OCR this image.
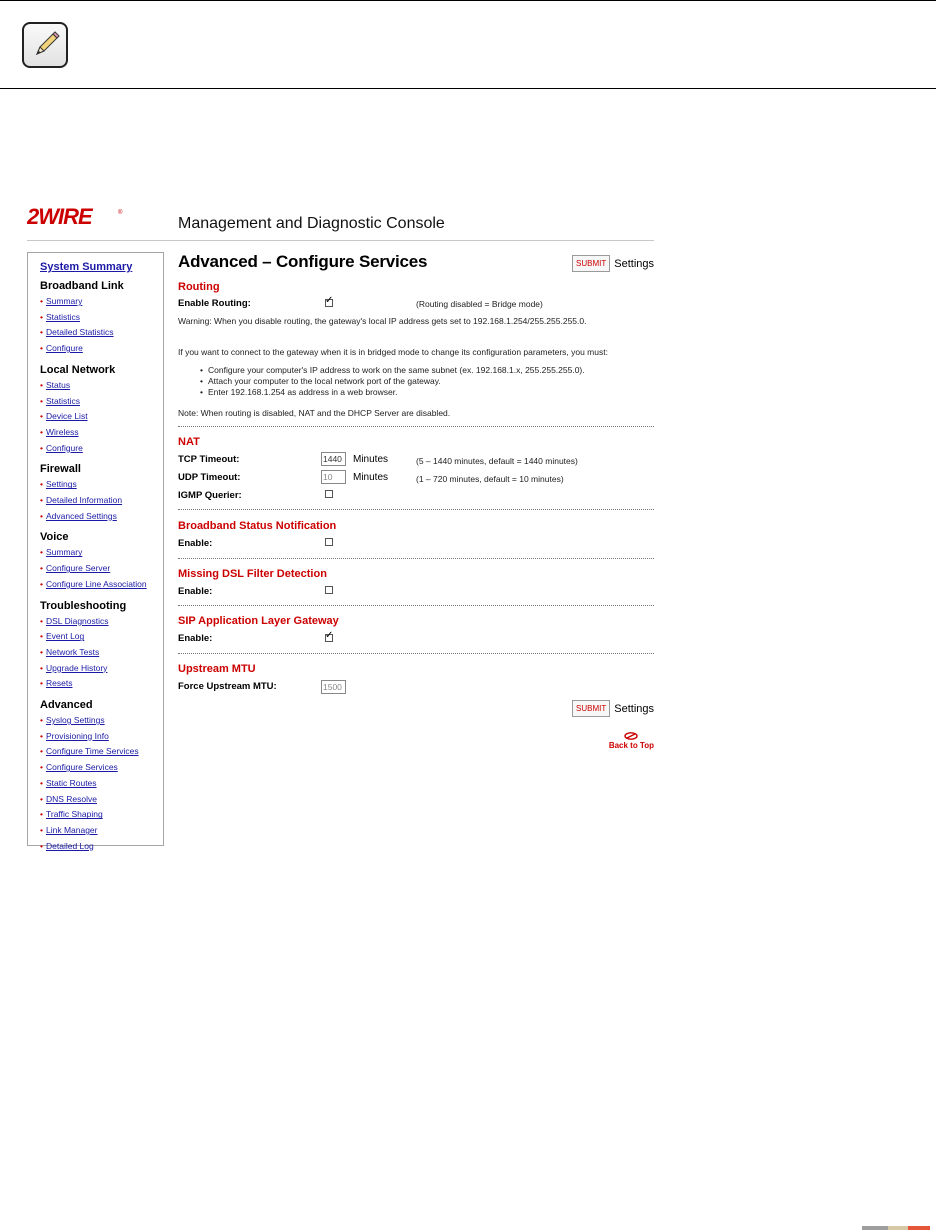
2WIRE	®
Management and Diagnostic Console
System Summary
Broadband Link
• Summary
• Statistics
• Detailed Statistics
• Configure
Local Network
• Status
• Statistics
• Device List
• Wireless
• Configure
Firewall
• Settings
• Detailed Information
• Advanced Settings
Voice
• Summary
• Configure Server
• Configure Line Association
Troubleshooting
• DSL Diagnostics
• Event Log
• Network Tests
• Upgrade History
• Resets
Advanced
• Syslog Settings
• Provisioning Info
• Configure Time Services
• Configure Services
• Static Routes
• DNS Resolve
• Traffic Shaping
• Link Manager
• Detailed Log
Advanced – Configure Services	SUBMIT Settings
Routing
Enable Routing:
✓	(Routing disabled = Bridge mode)
Warning: When you disable routing, the gateway's local IP address gets set to 192.168.1.254/255.255.255.0.
If you want to connect to the gateway when it is in bridged mode to change its configuration parameters, you must:
• Configure your computer's IP address to work on the same subnet (ex. 192.168.1.x, 255.255.255.0).
• Attach your computer to the local network port of the gateway.
• Enter 192.168.1.254 as address in a web browser.
Note: When routing is disabled, NAT and the DHCP Server are disabled.
NAT
TCP Timeout:	1440	Minutes	(5 – 1440 minutes, default = 1440 minutes)
UDP Timeout:	10	Minutes	(1 – 720 minutes, default = 10 minutes)
IGMP Querier:
Broadband Status Notification
Enable:
Missing DSL Filter Detection
Enable:
SIP Application Layer Gateway
Enable:
✓
Upstream MTU
Force Upstream MTU:	1500
SUBMIT Settings
Back to Top
